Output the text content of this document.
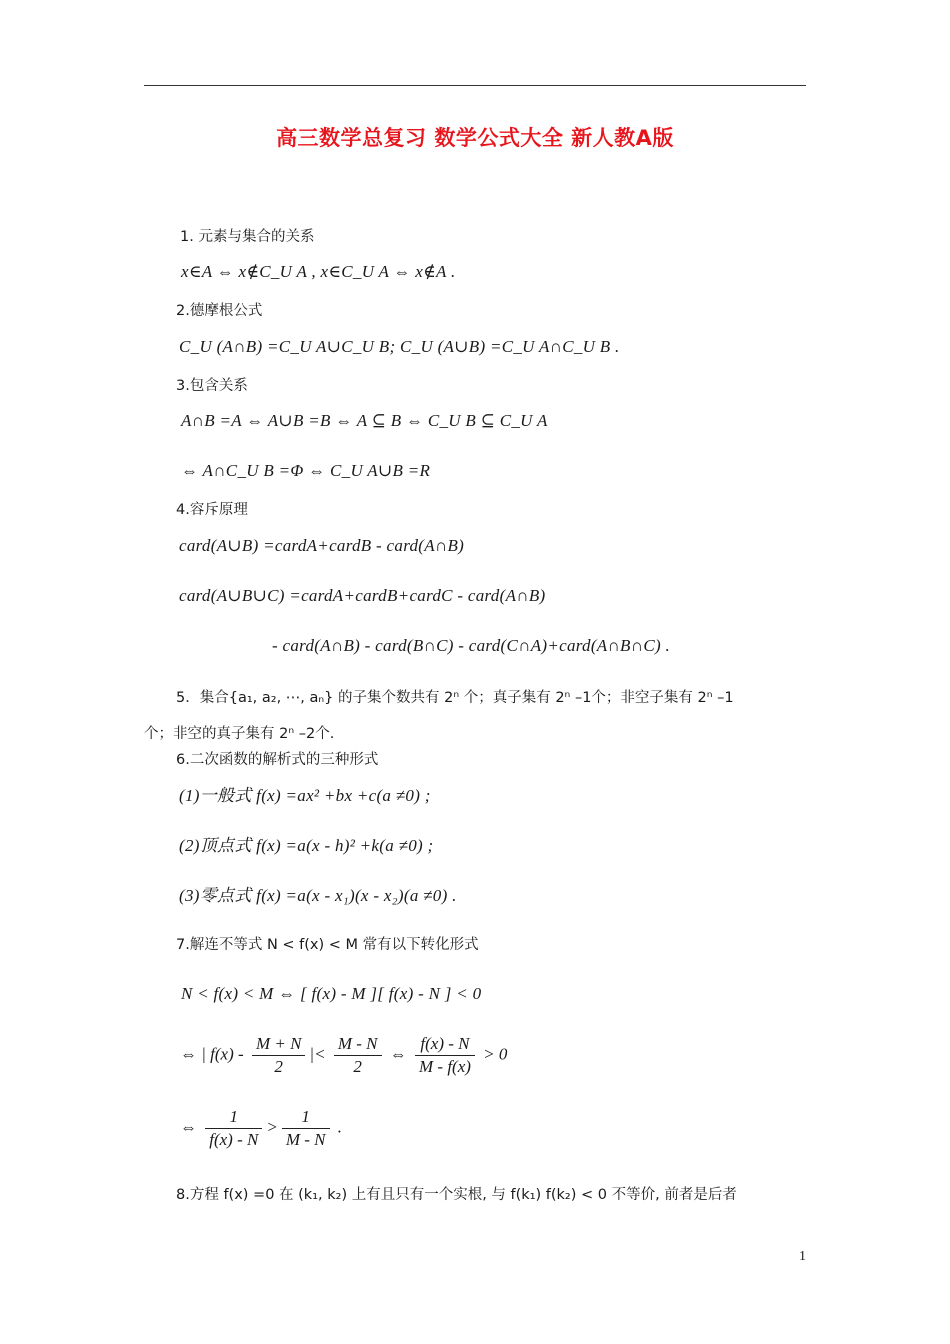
高三数学总复习 数学公式大全 新人教A版
1. 元素与集合的关系
x∈A ⇔ x∉C_U A , x∈C_U A ⇔ x∉A .
2.德摩根公式
C_U (A∩B) =C_U A∪C_U B; C_U (A∪B) =C_U A∩C_U B .
3.包含关系
A∩B =A ⇔ A∪B =B ⇔ A ⊆ B ⇔ C_U B ⊆ C_U A
⇔ A∩C_U B =Φ ⇔ C_U A∪B =R
4.容斥原理
card(A∪B) =cardA+cardB - card(A∩B)
card(A∪B∪C) =cardA+cardB+cardC - card(A∩B)
- card(A∩B) - card(B∩C) - card(C∩A)+card(A∩B∩C) .
5．集合{a₁, a₂, ⋯, aₙ} 的子集个数共有 2ⁿ 个；真子集有 2ⁿ –1个；非空子集有 2ⁿ –1
个；非空的真子集有 2ⁿ –2个.
6.二次函数的解析式的三种形式
(1)一般式 f(x) =ax² +bx +c(a ≠0) ;
(2)顶点式 f(x) =a(x - h)² +k(a ≠0) ;
(3)零点式 f(x) =a(x - x₁)(x - x₂)(a ≠0) .
7.解连不等式 N < f(x) < M 常有以下转化形式
N < f(x) < M ⇔ [ f(x) - M ][ f(x) - N ] < 0
⇔ | $f(x) - \frac{M + N}{2}$ |< $\frac{M - N}{2}$ ⇔ $\frac{f(x) - N}{M - f(x)} > 0$
⇔ $\frac{1}{f(x) - N} > \frac{1}{M - N}$ .
8.方程 f(x) =0 在 (k₁, k₂) 上有且只有一个实根, 与 f(k₁) f(k₂) < 0 不等价, 前者是后者
1
